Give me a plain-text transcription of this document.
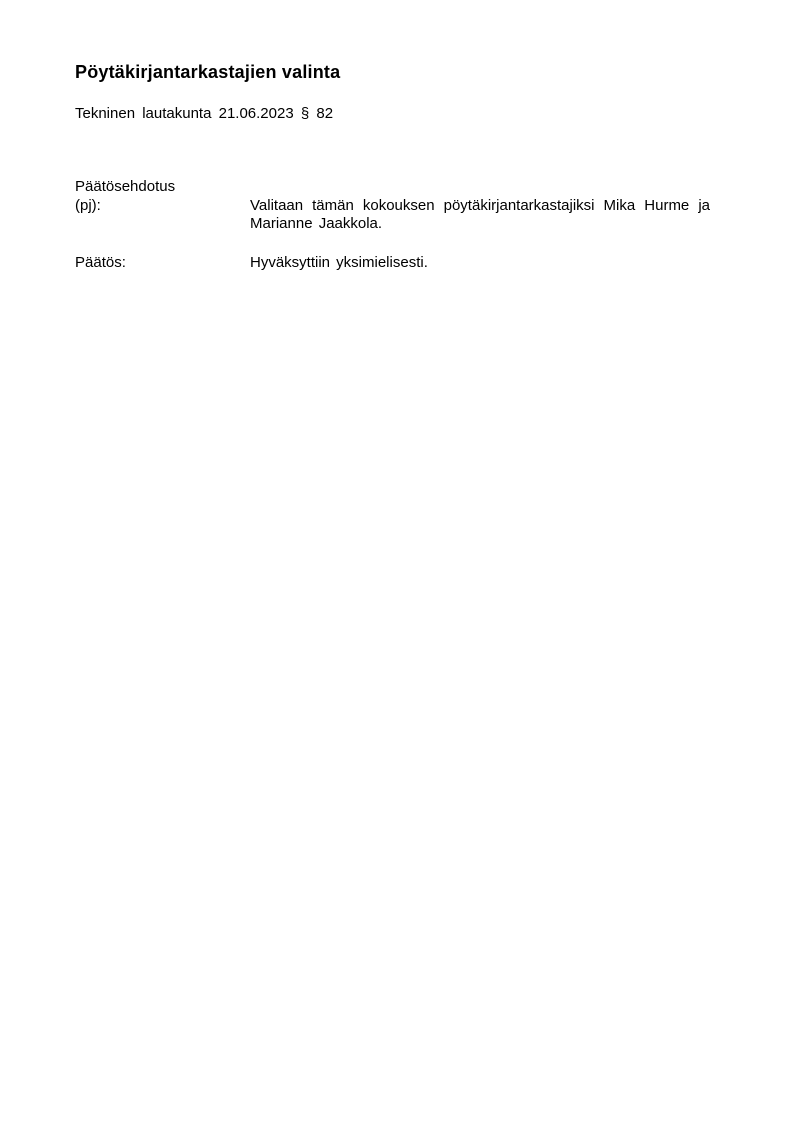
Pöytäkirjantarkastajien valinta

Tekninen lautakunta 21.06.2023 § 82

Päätösehdotus
(pj):	Valitaan tämän kokouksen pöytäkirjantarkastajiksi Mika Hurme ja Marianne Jaakkola.
Päätös:	Hyväksyttiin yksimielisesti.
